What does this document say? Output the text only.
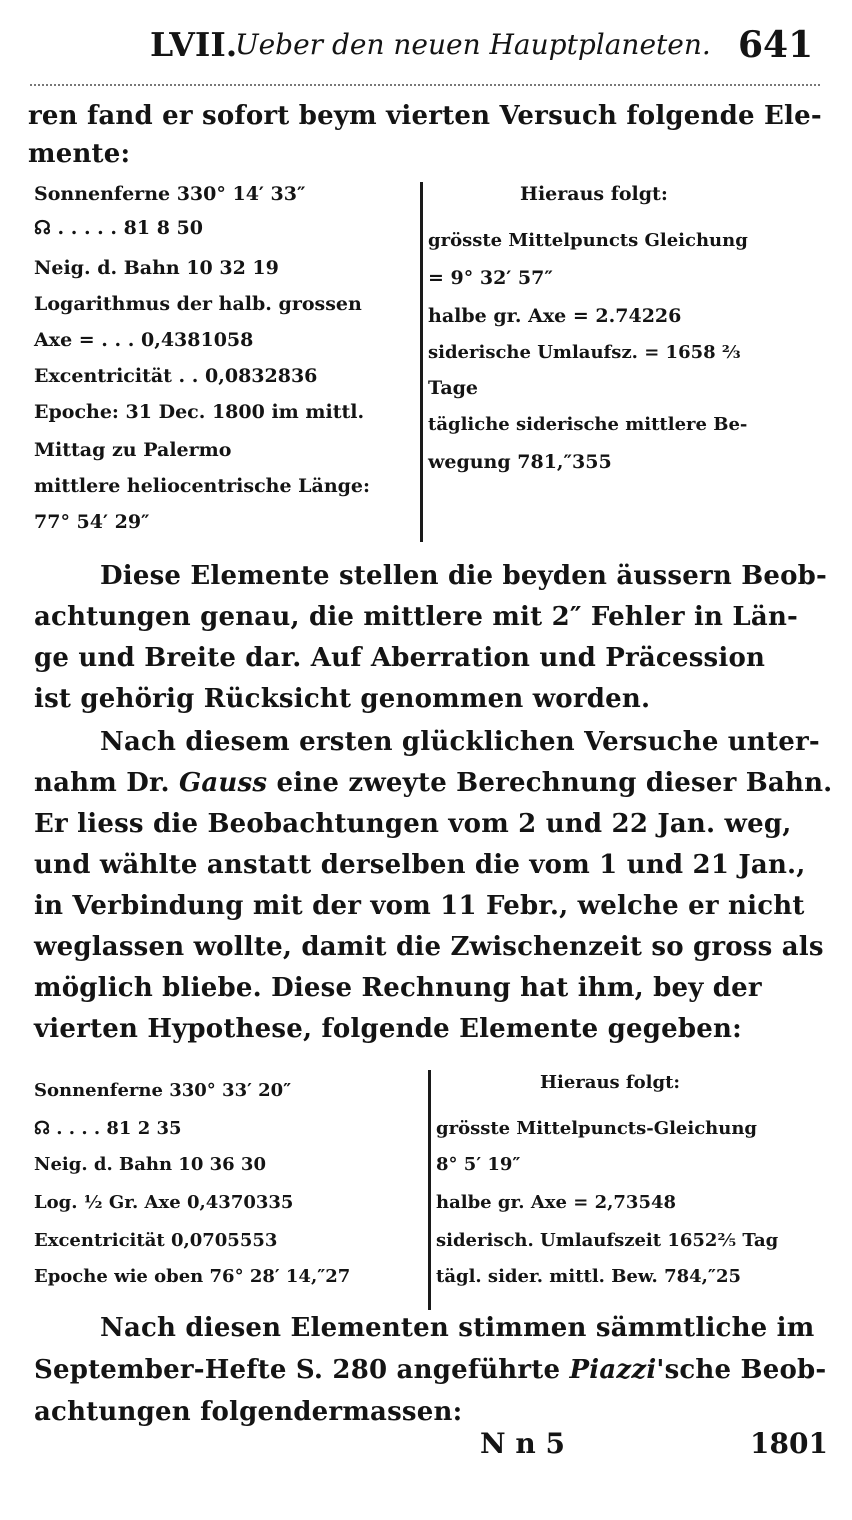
LVII.
Ueber den neuen Hauptplaneten. 641
ren fand er sofort beym vierten Versuch folgende Ele-
mente:
Sonnenferne 330° 14′ 33″
☊ . . . . . 81 8 50
Neig. d. Bahn 10 32 19
Logarithmus der halb. grossen
Axe = . . . 0,4381058
Excentricität . . 0,0832836
Epoche: 31 Dec. 1800 im mittl.
Mittag zu Palermo
mittlere heliocentrische Länge:
77° 54′ 29″
Hieraus folgt:
grösste Mittelpuncts Gleichung
= 9° 32′ 57″
halbe gr. Axe = 2.74226
siderische Umlaufsz. = 1658 ⅔
Tage
tägliche siderische mittlere Be-
wegung 781,″355
Diese Elemente stellen die beyden äussern Beob-
achtungen genau, die mittlere mit 2″ Fehler in Län-
ge und Breite dar. Auf Aberration und Präcession
ist gehörig Rücksicht genommen worden.
Nach diesem ersten glücklichen Versuche unter-
nahm Dr. Gauss eine zweyte Berechnung dieser Bahn.
Er liess die Beobachtungen vom 2 und 22 Jan. weg,
und wählte anstatt derselben die vom 1 und 21 Jan.,
in Verbindung mit der vom 11 Febr., welche er nicht
weglassen wollte, damit die Zwischenzeit so gross als
möglich bliebe. Diese Rechnung hat ihm, bey der
vierten Hypothese, folgende Elemente gegeben:
Sonnenferne 330° 33′ 20″
☊ . . . . 81 2 35
Neig. d. Bahn 10 36 30
Log. ½ Gr. Axe 0,4370335
Excentricität 0,0705553
Epoche wie oben 76° 28′ 14,″27
Hieraus folgt:
grösste Mittelpuncts-Gleichung
8° 5′ 19″
halbe gr. Axe = 2,73548
siderisch. Umlaufszeit 1652⅖ Tag
tägl. sider. mittl. Bew. 784,″25
Nach diesen Elementen stimmen sämmtliche im
September-Hefte S. 280 angeführte Piazzi'sche Beob-
achtungen folgendermassen:
N n 5	1801
